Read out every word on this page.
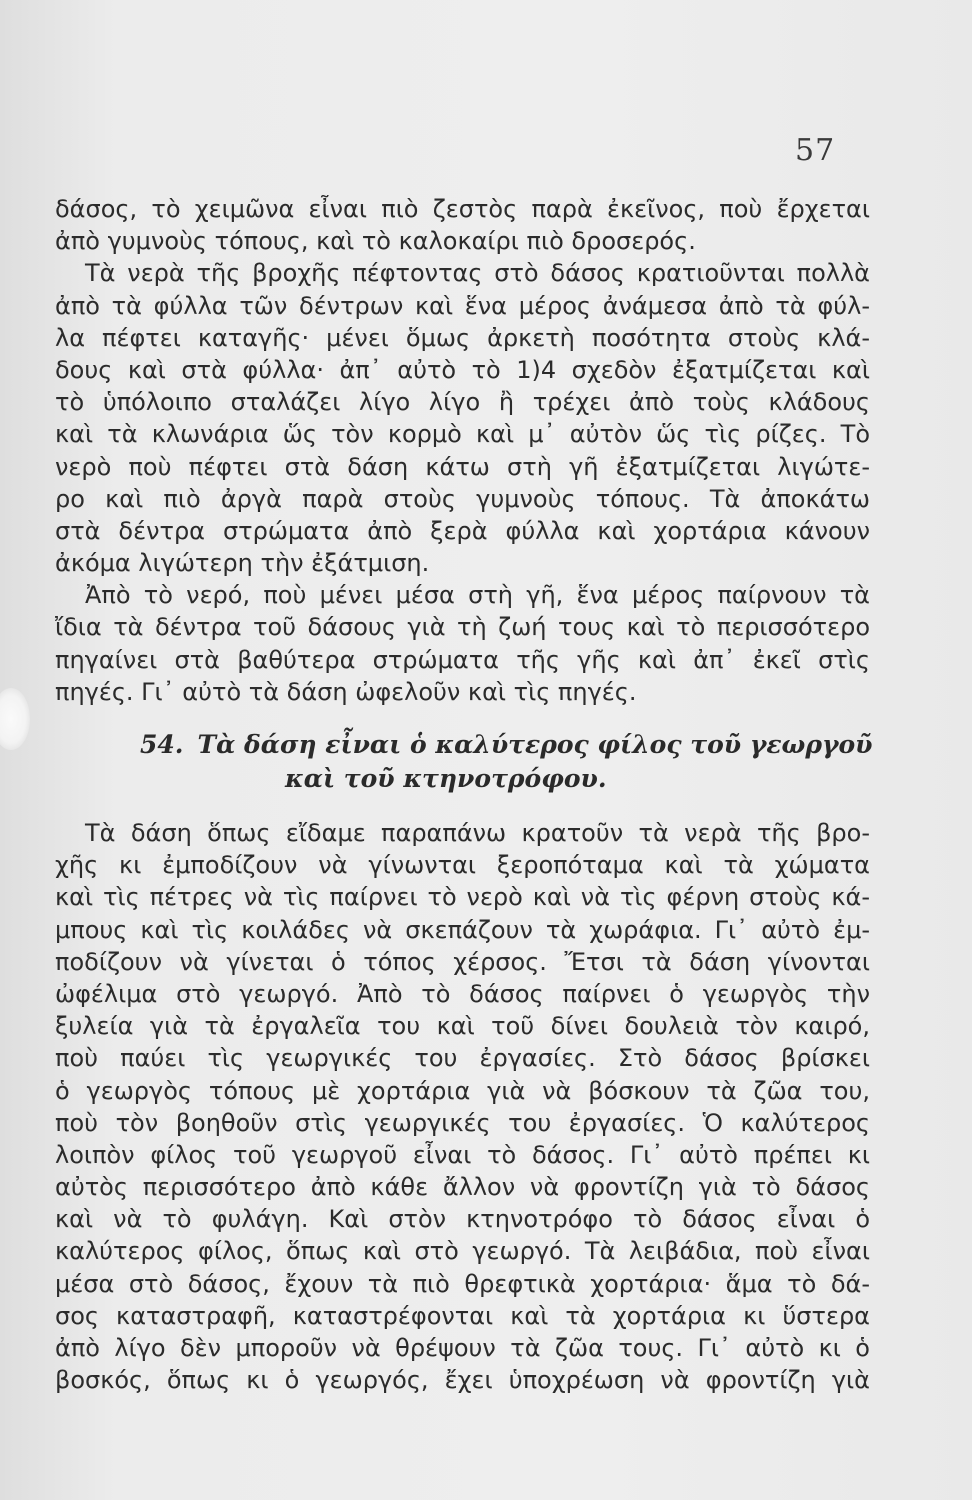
57
δάσος, τὸ χειμῶνα εἶναι πιὸ ζεστὸς παρὰ ἐκεῖνος, ποὺ ἔρχεται
ἀπὸ γυμνοὺς τόπους, καὶ τὸ καλοκαίρι πιὸ δροσερός.
Τὰ νερὰ τῆς βροχῆς πέφτοντας στὸ δάσος κρατιοῦνται πολλὰ
ἀπὸ τὰ φύλλα τῶν δέντρων καὶ ἕνα μέρος ἀνάμεσα ἀπὸ τὰ φύλ-
λα πέφτει καταγῆς· μένει ὅμως ἀρκετὴ ποσότητα στοὺς κλά-
δους καὶ στὰ φύλλα· ἀπ᾽ αὐτὸ τὸ 1)4 σχεδὸν ἐξατμίζεται καὶ
τὸ ὑπόλοιπο σταλάζει λίγο λίγο ἢ τρέχει ἀπὸ τοὺς κλάδους
καὶ τὰ κλωνάρια ὥς τὸν κορμὸ καὶ μ᾽ αὐτὸν ὥς τὶς ρίζες. Τὸ
νερὸ ποὺ πέφτει στὰ δάση κάτω στὴ γῆ ἐξατμίζεται λιγώτε-
ρο καὶ πιὸ ἀργὰ παρὰ στοὺς γυμνοὺς τόπους. Τὰ ἀποκάτω
στὰ δέντρα στρώματα ἀπὸ ξερὰ φύλλα καὶ χορτάρια κάνουν
ἀκόμα λιγώτερη τὴν ἐξάτμιση.
Ἀπὸ τὸ νερό, ποὺ μένει μέσα στὴ γῆ, ἕνα μέρος παίρνουν τὰ
ἴδια τὰ δέντρα τοῦ δάσους γιὰ τὴ ζωή τους καὶ τὸ περισσότερο
πηγαίνει στὰ βαθύτερα στρώματα τῆς γῆς καὶ ἀπ᾽ ἐκεῖ στὶς
πηγές. Γι᾽ αὐτὸ τὰ δάση ὠφελοῦν καὶ τὶς πηγές.
54. Τὰ δάση εἶναι ὁ καλύτερος φίλος τοῦ γεωργοῦ
καὶ τοῦ κτηνοτρόφου.
Τὰ δάση ὅπως εἴδαμε παραπάνω κρατοῦν τὰ νερὰ τῆς βρο-
χῆς κι ἐμποδίζουν νὰ γίνωνται ξεροπόταμα καὶ τὰ χώματα
καὶ τὶς πέτρες νὰ τὶς παίρνει τὸ νερὸ καὶ νὰ τὶς φέρνη στοὺς κά-
μπους καὶ τὶς κοιλάδες νὰ σκεπάζουν τὰ χωράφια. Γι᾽ αὐτὸ ἐμ-
ποδίζουν νὰ γίνεται ὁ τόπος χέρσος. Ἔτσι τὰ δάση γίνονται
ὠφέλιμα στὸ γεωργό. Ἀπὸ τὸ δάσος παίρνει ὁ γεωργὸς τὴν
ξυλεία γιὰ τὰ ἐργαλεῖα του καὶ τοῦ δίνει δουλειὰ τὸν καιρό,
ποὺ παύει τὶς γεωργικές του ἐργασίες. Στὸ δάσος βρίσκει
ὁ γεωργὸς τόπους μὲ χορτάρια γιὰ νὰ βόσκουν τὰ ζῶα του,
ποὺ τὸν βοηθοῦν στὶς γεωργικές του ἐργασίες. Ὁ καλύτερος
λοιπὸν φίλος τοῦ γεωργοῦ εἶναι τὸ δάσος. Γι᾽ αὐτὸ πρέπει κι
αὐτὸς περισσότερο ἀπὸ κάθε ἄλλον νὰ φροντίζη γιὰ τὸ δάσος
καὶ νὰ τὸ φυλάγη. Καὶ στὸν κτηνοτρόφο τὸ δάσος εἶναι ὁ
καλύτερος φίλος, ὅπως καὶ στὸ γεωργό. Τὰ λειβάδια, ποὺ εἶναι
μέσα στὸ δάσος, ἔχουν τὰ πιὸ θρεφτικὰ χορτάρια· ἅμα τὸ δά-
σος καταστραφῆ, καταστρέφονται καὶ τὰ χορτάρια κι ὕστερα
ἀπὸ λίγο δὲν μποροῦν νὰ θρέψουν τὰ ζῶα τους. Γι᾽ αὐτὸ κι ὁ
βοσκός, ὅπως κι ὁ γεωργός, ἔχει ὑποχρέωση νὰ φροντίζη γιὰ
